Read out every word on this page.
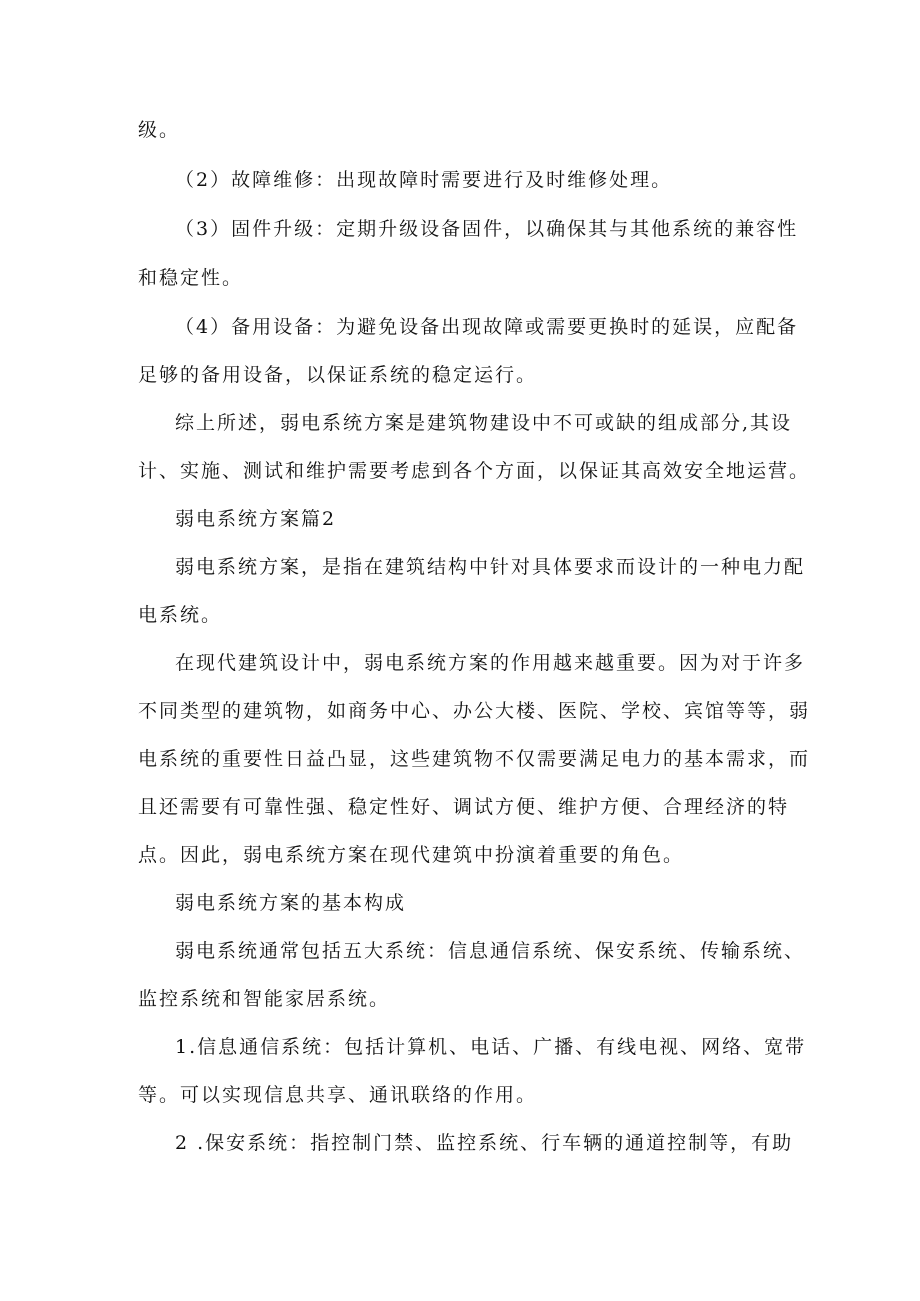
级。

（2）故障维修：出现故障时需要进行及时维修处理。

（3）固件升级：定期升级设备固件，以确保其与其他系统的兼容性

和稳定性。

（4）备用设备：为避免设备出现故障或需要更换时的延误，应配备

足够的备用设备，以保证系统的稳定运行。

综上所述，弱电系统方案是建筑物建设中不可或缺的组成部分,其设

计、实施、测试和维护需要考虑到各个方面，以保证其高效安全地运营。

弱电系统方案篇2

弱电系统方案，是指在建筑结构中针对具体要求而设计的一种电力配

电系统。

在现代建筑设计中，弱电系统方案的作用越来越重要。因为对于许多

不同类型的建筑物，如商务中心、办公大楼、医院、学校、宾馆等等，弱

电系统的重要性日益凸显，这些建筑物不仅需要满足电力的基本需求，而

且还需要有可靠性强、稳定性好、调试方便、维护方便、合理经济的特

点。因此，弱电系统方案在现代建筑中扮演着重要的角色。

弱电系统方案的基本构成

弱电系统通常包括五大系统：信息通信系统、保安系统、传输系统、

监控系统和智能家居系统。

1.信息通信系统：包括计算机、电话、广播、有线电视、网络、宽带

等。可以实现信息共享、通讯联络的作用。

2 .保安系统：指控制门禁、监控系统、行车辆的通道控制等，有助
